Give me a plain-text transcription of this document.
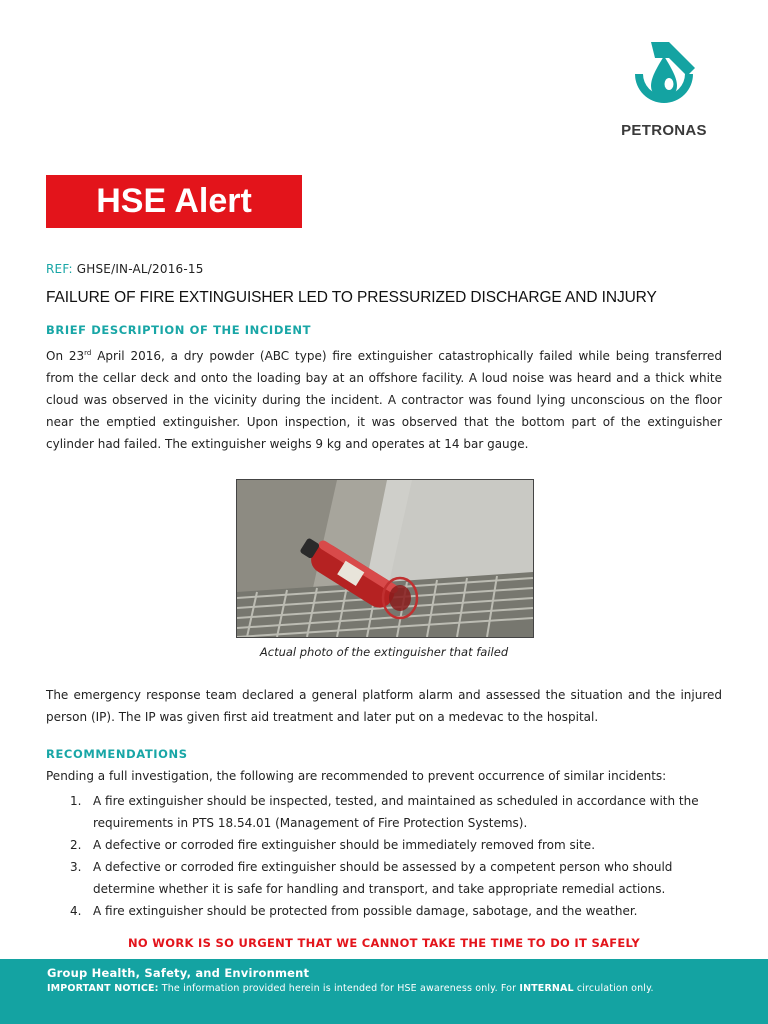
PETRONAS
HSE Alert
REF: GHSE/IN-AL/2016-15
FAILURE OF FIRE EXTINGUISHER LED TO PRESSURIZED DISCHARGE AND INJURY
BRIEF DESCRIPTION OF THE INCIDENT
On 23rd April 2016, a dry powder (ABC type) fire extinguisher catastrophically failed while being transferred from the cellar deck and onto the loading bay at an offshore facility. A loud noise was heard and a thick white cloud was observed in the vicinity during the incident. A contractor was found lying unconscious on the floor near the emptied extinguisher. Upon inspection, it was observed that the bottom part of the extinguisher cylinder had failed. The extinguisher weighs 9 kg and operates at 14 bar gauge.
Actual photo of the extinguisher that failed
The emergency response team declared a general platform alarm and assessed the situation and the injured person (IP). The IP was given first aid treatment and later put on a medevac to the hospital.
RECOMMENDATIONS
Pending a full investigation, the following are recommended to prevent occurrence of similar incidents:
1. A fire extinguisher should be inspected, tested, and maintained as scheduled in accordance with the requirements in PTS 18.54.01 (Management of Fire Protection Systems).
2. A defective or corroded fire extinguisher should be immediately removed from site.
3. A defective or corroded fire extinguisher should be assessed by a competent person who should determine whether it is safe for handling and transport, and take appropriate remedial actions.
4. A fire extinguisher should be protected from possible damage, sabotage, and the weather.
NO WORK IS SO URGENT THAT WE CANNOT TAKE THE TIME TO DO IT SAFELY
Group Health, Safety, and Environment
IMPORTANT NOTICE: The information provided herein is intended for HSE awareness only. For INTERNAL circulation only.
